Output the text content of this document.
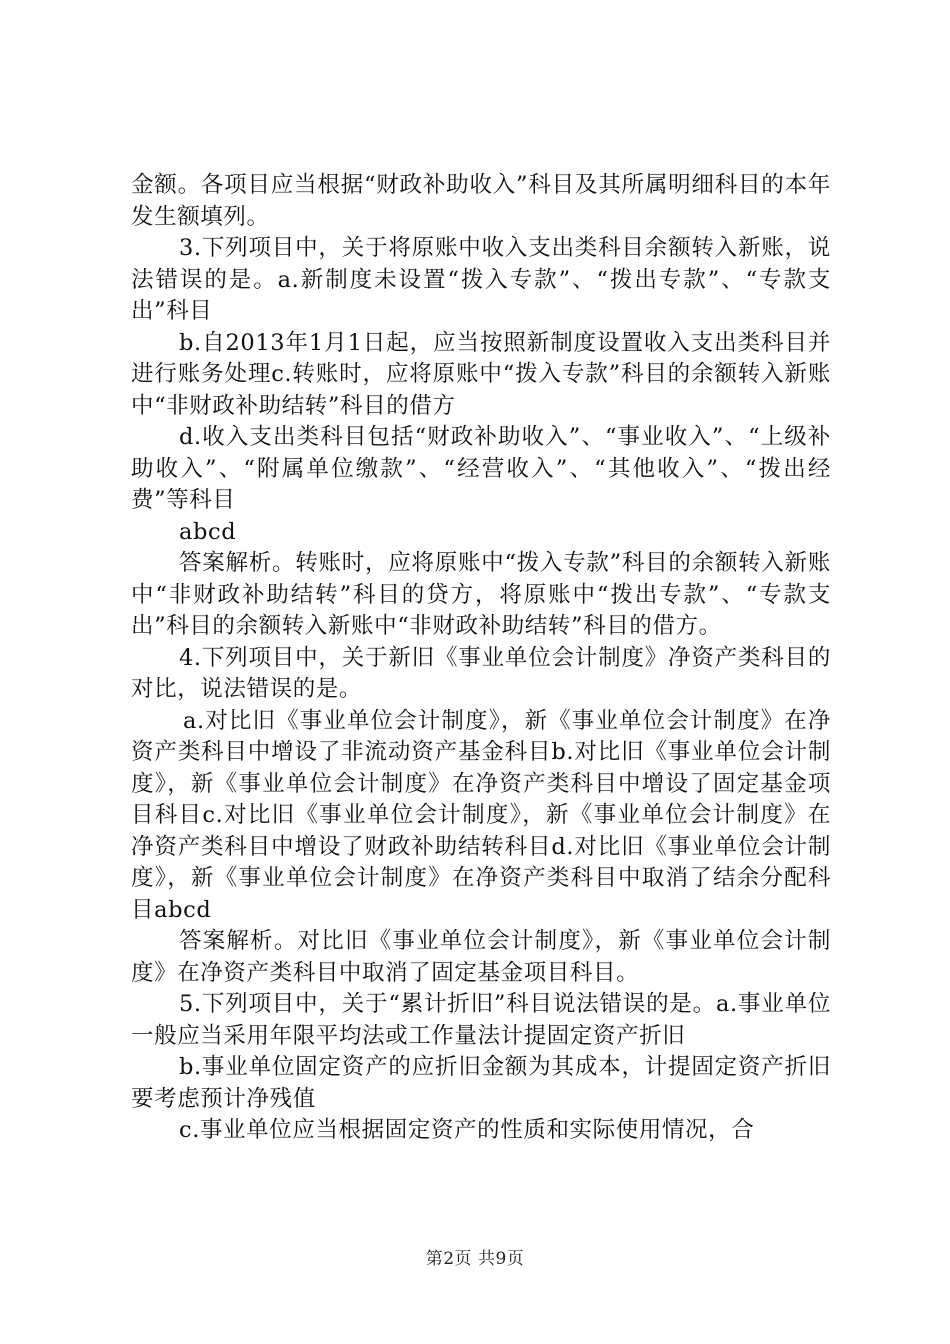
金额。各项目应当根据“财政补助收入”科目及其所属明细科目的本年发生额填列。

3.下列项目中，关于将原账中收入支出类科目余额转入新账，说法错误的是。a.新制度未设置“拨入专款”、“拨出专款”、“专款支出”科目

b.自2013年1月1日起，应当按照新制度设置收入支出类科目并进行账务处理c.转账时，应将原账中“拨入专款”科目的余额转入新账中“非财政补助结转”科目的借方

d.收入支出类科目包括“财政补助收入”、“事业收入”、“上级补助收入”、“附属单位缴款”、“经营收入”、“其他收入”、“拨出经费”等科目

abcd

答案解析。转账时，应将原账中“拨入专款”科目的余额转入新账中“非财政补助结转”科目的贷方，将原账中“拨出专款”、“专款支出”科目的余额转入新账中“非财政补助结转”科目的借方。

4.下列项目中，关于新旧《事业单位会计制度》净资产类科目的对比，说法错误的是。

a.对比旧《事业单位会计制度》，新《事业单位会计制度》在净资产类科目中增设了非流动资产基金科目b.对比旧《事业单位会计制度》，新《事业单位会计制度》在净资产类科目中增设了固定基金项目科目c.对比旧《事业单位会计制度》，新《事业单位会计制度》在净资产类科目中增设了财政补助结转科目d.对比旧《事业单位会计制度》，新《事业单位会计制度》在净资产类科目中取消了结余分配科目abcd

答案解析。对比旧《事业单位会计制度》，新《事业单位会计制度》在净资产类科目中取消了固定基金项目科目。

5.下列项目中，关于“累计折旧”科目说法错误的是。a.事业单位一般应当采用年限平均法或工作量法计提固定资产折旧

b.事业单位固定资产的应折旧金额为其成本，计提固定资产折旧要考虑预计净残值

c.事业单位应当根据固定资产的性质和实际使用情况，合

第2页 共9页
